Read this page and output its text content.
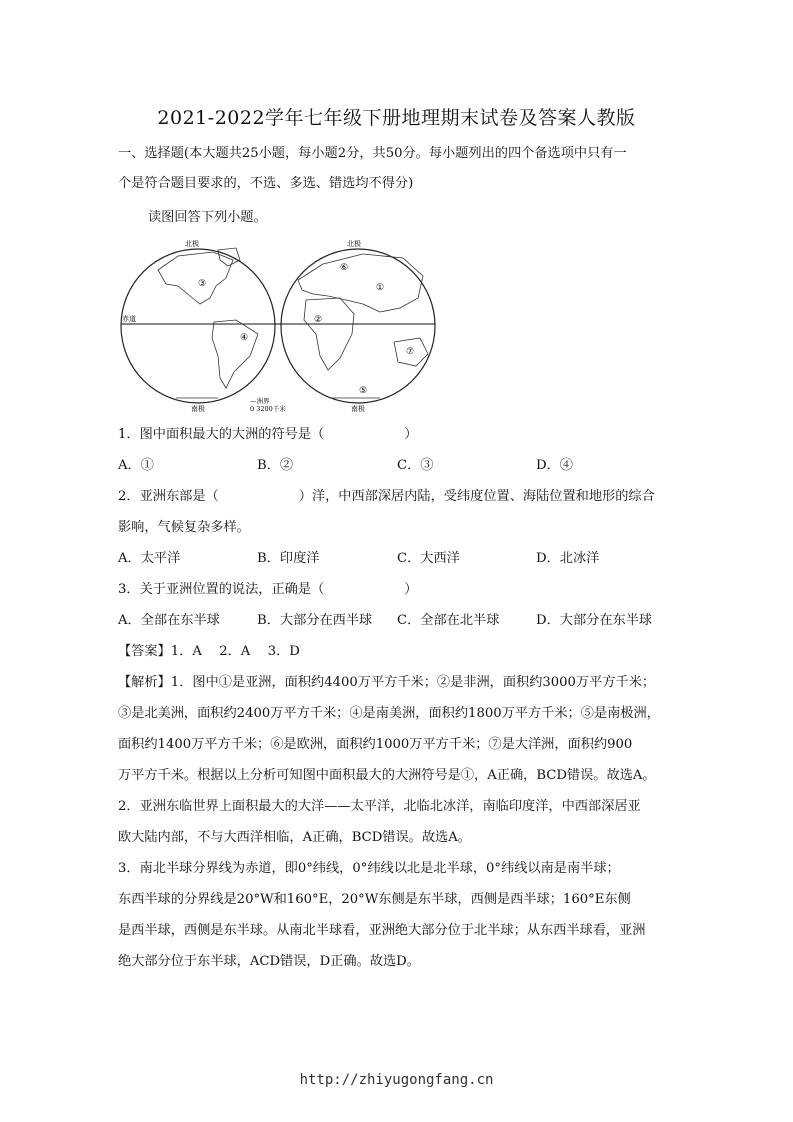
2021-2022学年七年级下册地理期末试卷及答案人教版
一、选择题(本大题共25小题，每小题2分，共50分。每小题列出的四个备选项中只有一
个是符合题目要求的，不选、多选、错选均不得分)
读图回答下列小题。
北极	北极
南极	南极
赤道
—洲界
0 3200千米
①
②
③
④
⑤
⑥
⑦
1．图中面积最大的大洲的符号是（	）
A．①	B．②	C．③	D．④
2．亚洲东部是（	）洋，中西部深居内陆，受纬度位置、海陆位置和地形的综合
影响，气候复杂多样。
A．太平洋	B．印度洋	C．大西洋	D．北冰洋
3．关于亚洲位置的说法，正确是（	）
A．全部在东半球	B．大部分在西半球 C．全部在北半球	D．大部分在东半球
【答案】1．A　 2．A　 3．D
【解析】1．图中①是亚洲，面积约4400万平方千米；②是非洲，面积约3000万平方千米；
③是北美洲，面积约2400万平方千米；④是南美洲，面积约1800万平方千米；⑤是南极洲，
面积约1400万平方千米；⑥是欧洲，面积约1000万平方千米；⑦是大洋洲，面积约900
万平方千米。根据以上分析可知图中面积最大的大洲符号是①，A正确，BCD错误。故选A。
2．亚洲东临世界上面积最大的大洋——太平洋，北临北冰洋，南临印度洋，中西部深居亚
欧大陆内部，不与大西洋相临，A正确，BCD错误。故选A。
3．南北半球分界线为赤道，即0°纬线，0°纬线以北是北半球，0°纬线以南是南半球；
东西半球的分界线是20°W和160°E，20°W东侧是东半球，西侧是西半球；160°E东侧
是西半球，西侧是东半球。从南北半球看，亚洲绝大部分位于北半球；从东西半球看，亚洲
绝大部分位于东半球，ACD错误，D正确。故选D。
http://zhiyugongfang.cn
